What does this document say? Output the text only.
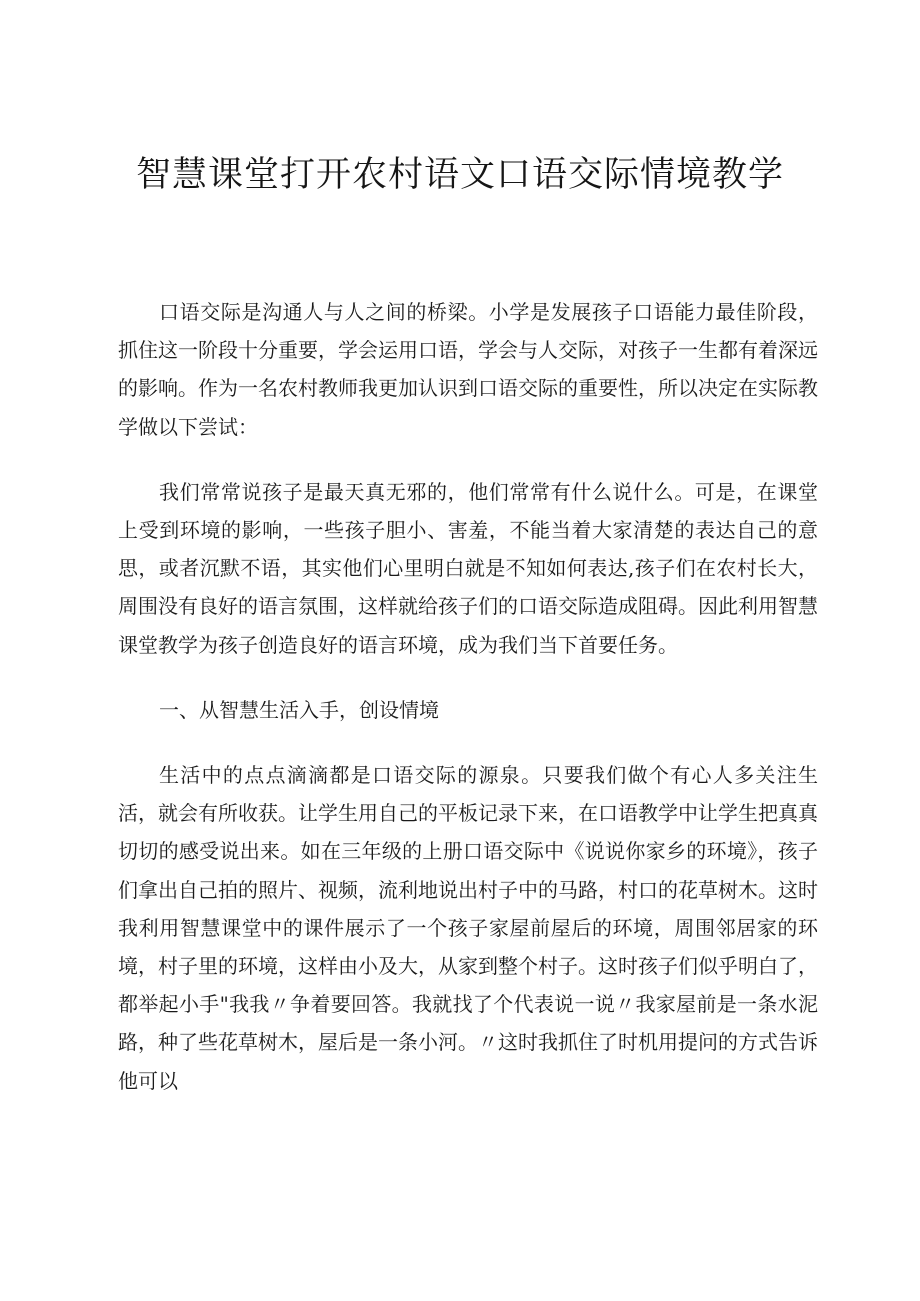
智慧课堂打开农村语文口语交际情境教学

口语交际是沟通人与人之间的桥梁。小学是发展孩子口语能力最佳阶段，抓住这一阶段十分重要，学会运用口语，学会与人交际，对孩子一生都有着深远的影响。作为一名农村教师我更加认识到口语交际的重要性，所以决定在实际教学做以下尝试：

我们常常说孩子是最天真无邪的，他们常常有什么说什么。可是，在课堂上受到环境的影响，一些孩子胆小、害羞，不能当着大家清楚的表达自己的意思，或者沉默不语，其实他们心里明白就是不知如何表达,孩子们在农村长大，周围没有良好的语言氛围，这样就给孩子们的口语交际造成阻碍。因此利用智慧课堂教学为孩子创造良好的语言环境，成为我们当下首要任务。

一、从智慧生活入手，创设情境

生活中的点点滴滴都是口语交际的源泉。只要我们做个有心人多关注生活，就会有所收获。让学生用自己的平板记录下来，在口语教学中让学生把真真切切的感受说出来。如在三年级的上册口语交际中《说说你家乡的环境》，孩子们拿出自己拍的照片、视频，流利地说出村子中的马路，村口的花草树木。这时我利用智慧课堂中的课件展示了一个孩子家屋前屋后的环境，周围邻居家的环境，村子里的环境，这样由小及大，从家到整个村子。这时孩子们似乎明白了，都举起小手"我我〃争着要回答。我就找了个代表说一说〃我家屋前是一条水泥路，种了些花草树木，屋后是一条小河。〃这时我抓住了时机用提问的方式告诉他可以
